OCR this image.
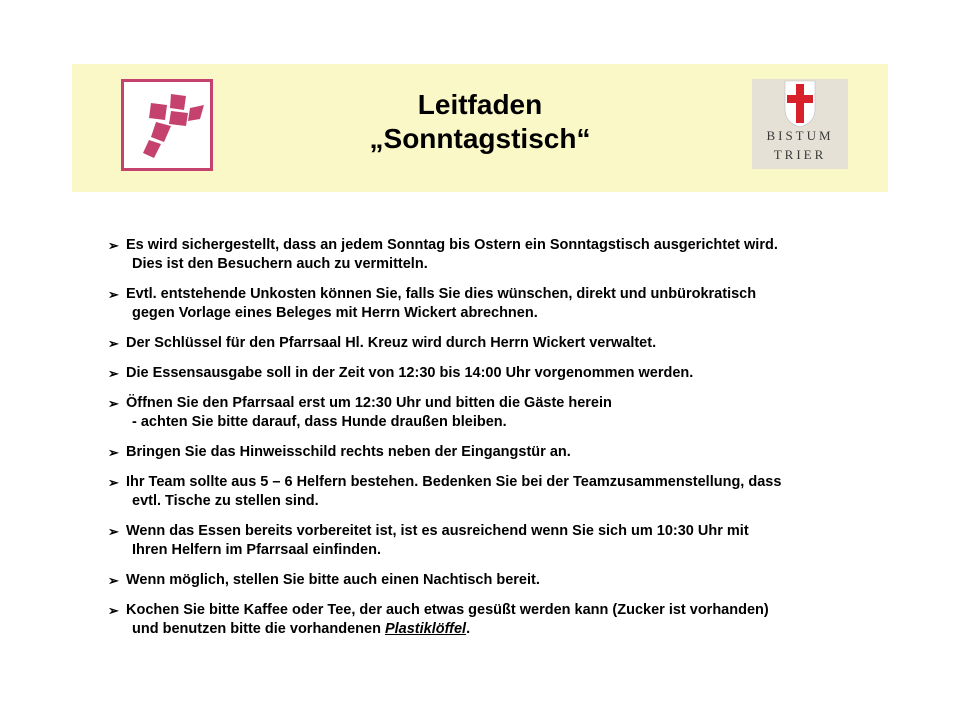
Leitfaden
„Sonntagstisch“	BISTUM
TRIER
➢ Es wird sichergestellt, dass an jedem Sonntag bis Ostern ein Sonntagstisch ausgerichtet wird.
Dies ist den Besuchern auch zu vermitteln.
➢ Evtl. entstehende Unkosten können Sie, falls Sie dies wünschen, direkt und unbürokratisch
gegen Vorlage eines Beleges mit Herrn Wickert abrechnen.
➢ Der Schlüssel für den Pfarrsaal Hl. Kreuz wird durch Herrn Wickert verwaltet.
➢ Die Essensausgabe soll in der Zeit von 12:30 bis 14:00 Uhr vorgenommen werden.
➢ Öffnen Sie den Pfarrsaal erst um 12:30 Uhr und bitten die Gäste herein
- achten Sie bitte darauf, dass Hunde draußen bleiben.
➢ Bringen Sie das Hinweisschild rechts neben der Eingangstür an.
➢ Ihr Team sollte aus 5 – 6 Helfern bestehen. Bedenken Sie bei der Teamzusammenstellung, dass
evtl. Tische zu stellen sind.
➢ Wenn das Essen bereits vorbereitet ist, ist es ausreichend wenn Sie sich um 10:30 Uhr mit
Ihren Helfern im Pfarrsaal einfinden.
➢ Wenn möglich, stellen Sie bitte auch einen Nachtisch bereit.
➢ Kochen Sie bitte Kaffee oder Tee, der auch etwas gesüßt werden kann (Zucker ist vorhanden)
und benutzen bitte die vorhandenen Plastiklöffel.
